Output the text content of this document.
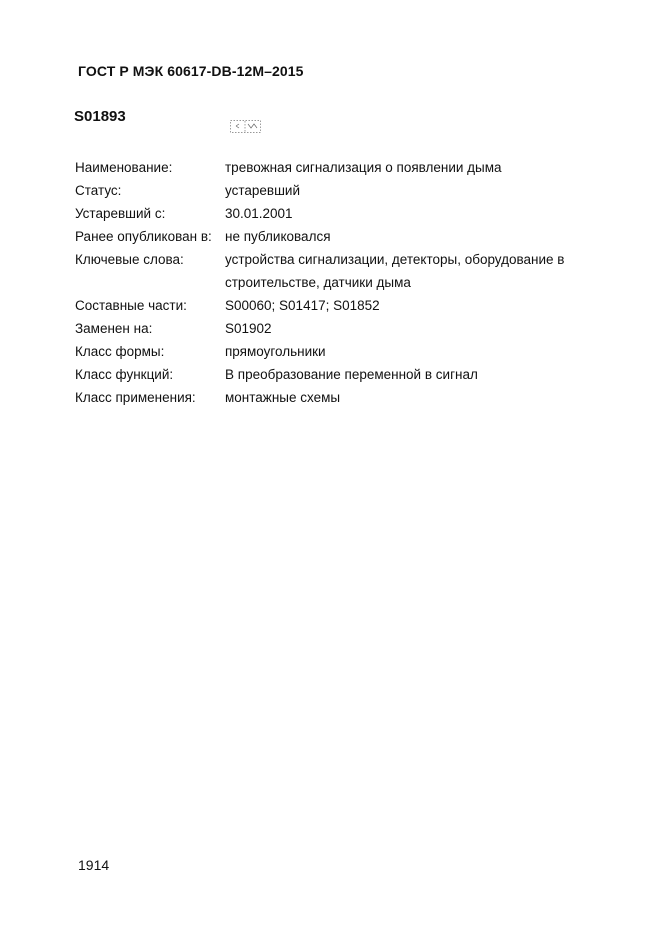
ГОСТ Р МЭК 60617-DB-12M–2015
S01893
Наименование:	тревожная сигнализация о появлении дыма
Статус:	устаревший
Устаревший с:	30.01.2001
Ранее опубликован в: не публиковался
Ключевые слова:	устройства сигнализации, детекторы, оборудование в строительстве, датчики дыма
Составные части:	S00060; S01417; S01852
Заменен на:	S01902
Класс формы:	прямоугольники
Класс функций:	В преобразование переменной в сигнал
Класс применения:	монтажные схемы
1914
